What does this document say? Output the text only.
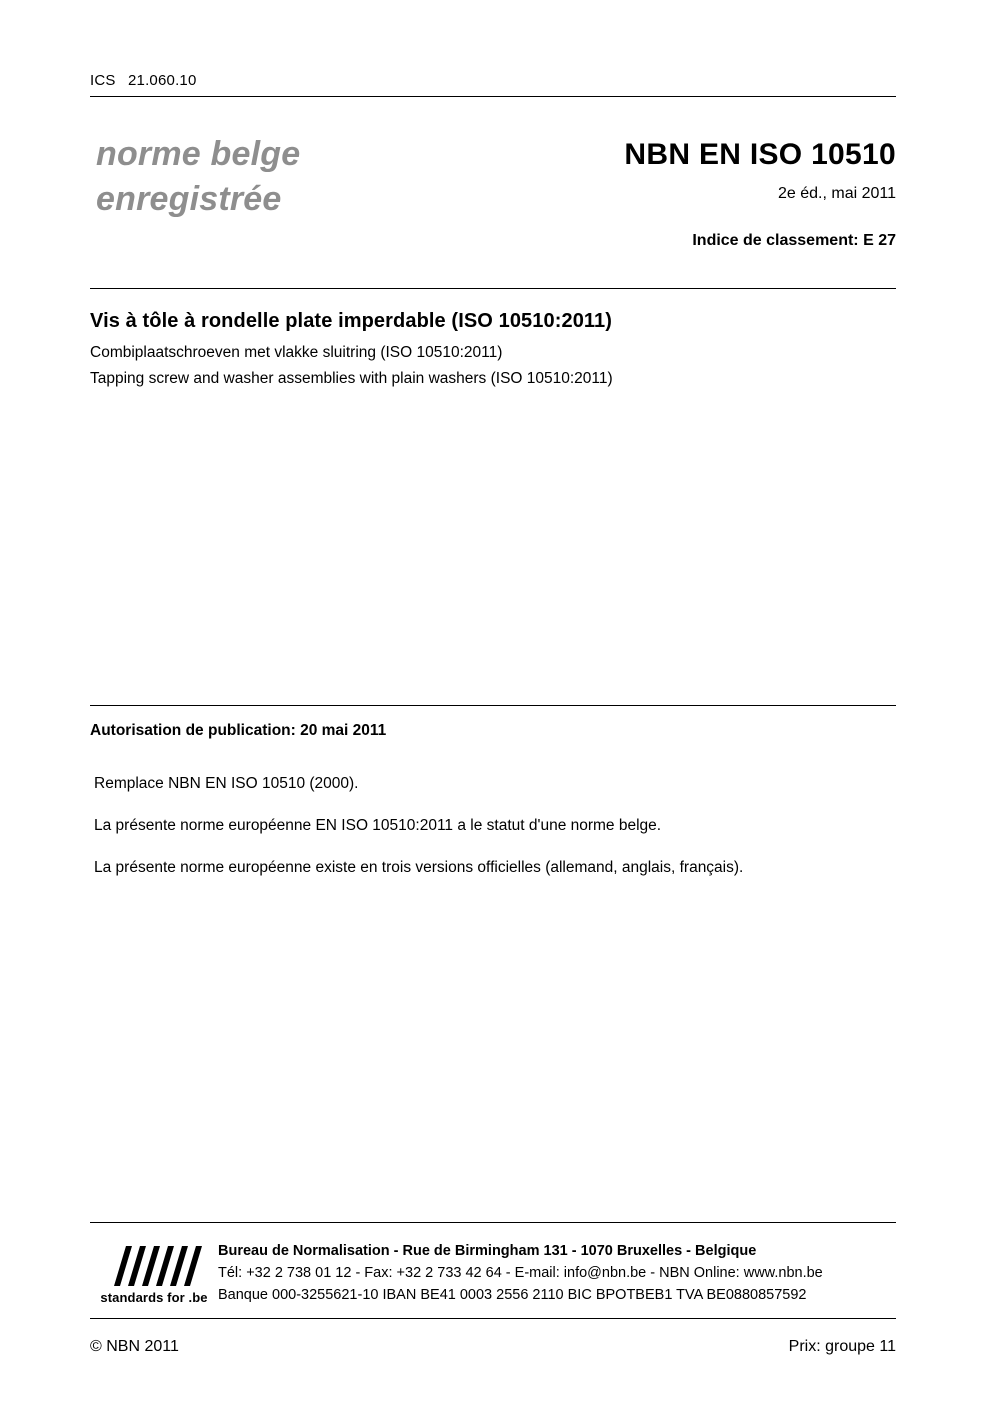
ICS 21.060.10
norme belge
enregistrée
NBN EN ISO 10510
2e éd., mai 2011
Indice de classement: E 27
Vis à tôle à rondelle plate imperdable (ISO 10510:2011)
Combiplaatschroeven met vlakke sluitring (ISO 10510:2011)
Tapping screw and washer assemblies with plain washers (ISO 10510:2011)
Autorisation de publication: 20 mai 2011

Remplace NBN EN ISO 10510 (2000).

La présente norme européenne EN ISO 10510:2011 a le statut d'une norme belge.

La présente norme européenne existe en trois versions officielles (allemand, anglais, français).

standards for .be
Bureau de Normalisation - Rue de Birmingham 131 - 1070 Bruxelles - Belgique
Tél: +32 2 738 01 12 - Fax: +32 2 733 42 64 - E-mail: info@nbn.be - NBN Online: www.nbn.be
Banque 000-3255621-10 IBAN BE41 0003 2556 2110 BIC BPOTBEB1 TVA BE0880857592
© NBN 2011	Prix: groupe 11
